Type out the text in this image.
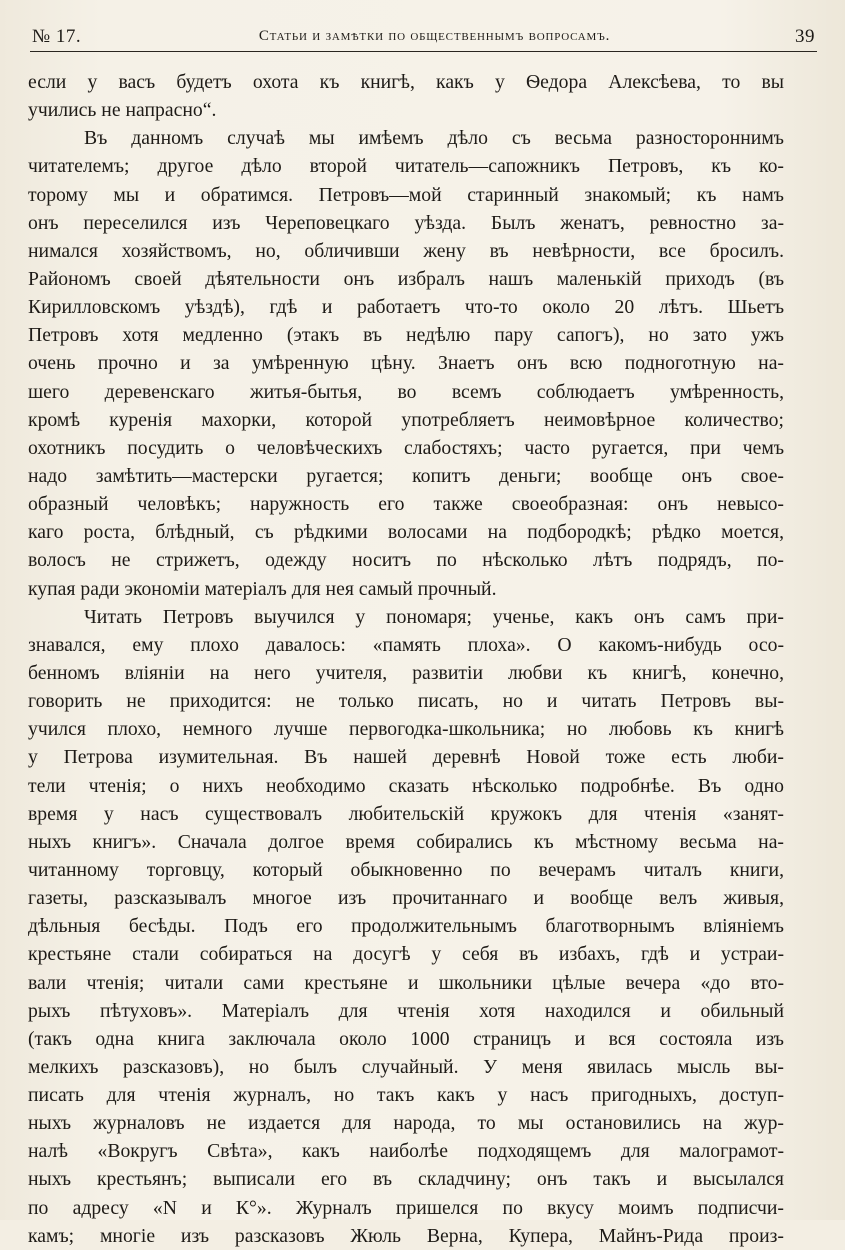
№ 17.	Статьи и замѣтки по общественнымъ вопросамъ.	39
если у васъ будетъ охота къ книгѣ, какъ у Ѳедора Алексѣева, то вы
учились не напрасно“.
Въ данномъ случаѣ мы имѣемъ дѣло съ весьма разностороннимъ
читателемъ; другое дѣло второй читатель—сапожникъ Петровъ, къ ко-
торому мы и обратимся. Петровъ—мой старинный знакомый; къ намъ
онъ переселился изъ Череповецкаго уѣзда. Былъ женатъ, ревностно за-
нимался хозяйствомъ, но, обличивши жену въ невѣрности, все бросилъ.
Райономъ своей дѣятельности онъ избралъ нашъ маленькій приходъ (въ
Кирилловскомъ уѣздѣ), гдѣ и работаетъ что-то около 20 лѣтъ. Шьетъ
Петровъ хотя медленно (этакъ въ недѣлю пару сапогъ), но зато ужъ
очень прочно и за умѣренную цѣну. Знаетъ онъ всю подноготную на-
шего деревенскаго житья-бытья, во всемъ соблюдаетъ умѣренность,
кромѣ куренія махорки, которой употребляетъ неимовѣрное количество;
охотникъ посудить о человѣческихъ слабостяхъ; часто ругается, при чемъ
надо замѣтить—мастерски ругается; копитъ деньги; вообще онъ свое-
образный человѣкъ; наружность его также своеобразная: онъ невысо-
каго роста, блѣдный, съ рѣдкими волосами на подбородкѣ; рѣдко моется,
волосъ не стрижетъ, одежду носитъ по нѣсколько лѣтъ подрядъ, по-
купая ради экономіи матеріалъ для нея самый прочный.
Читать Петровъ выучился у пономаря; ученье, какъ онъ самъ при-
знавался, ему плохо давалось: «память плоха». О какомъ-нибудь осо-
бенномъ вліяніи на него учителя, развитіи любви къ книгѣ, конечно,
говорить не приходится: не только писать, но и читать Петровъ вы-
учился плохо, немного лучше первогодка-школьника; но любовь къ книгѣ
у Петрова изумительная. Въ нашей деревнѣ Новой тоже есть люби-
тели чтенія; о нихъ необходимо сказать нѣсколько подробнѣе. Въ одно
время у насъ существовалъ любительскій кружокъ для чтенія «занят-
ныхъ книгъ». Сначала долгое время собирались къ мѣстному весьма на-
читанному торговцу, который обыкновенно по вечерамъ читалъ книги,
газеты, разсказывалъ многое изъ прочитаннаго и вообще велъ живыя,
дѣльныя бесѣды. Подъ его продолжительнымъ благотворнымъ вліяніемъ
крестьяне стали собираться на досугѣ у себя въ избахъ, гдѣ и устраи-
вали чтенія; читали сами крестьяне и школьники цѣлые вечера «до вто-
рыхъ пѣтуховъ». Матеріалъ для чтенія хотя находился и обильный
(такъ одна книга заключала около 1000 страницъ и вся состояла изъ
мелкихъ разсказовъ), но былъ случайный. У меня явилась мысль вы-
писать для чтенія журналъ, но такъ какъ у насъ пригодныхъ, доступ-
ныхъ журналовъ не издается для народа, то мы остановились на жур-
налѣ «Вокругъ Свѣта», какъ наиболѣе подходящемъ для малограмот-
ныхъ крестьянъ; выписали его въ складчину; онъ такъ и высылался
по адресу «N и К°». Журналъ пришелся по вкусу моимъ подписчи-
камъ; многіе изъ разсказовъ Жюль Верна, Купера, Майнъ-Рида произ-
